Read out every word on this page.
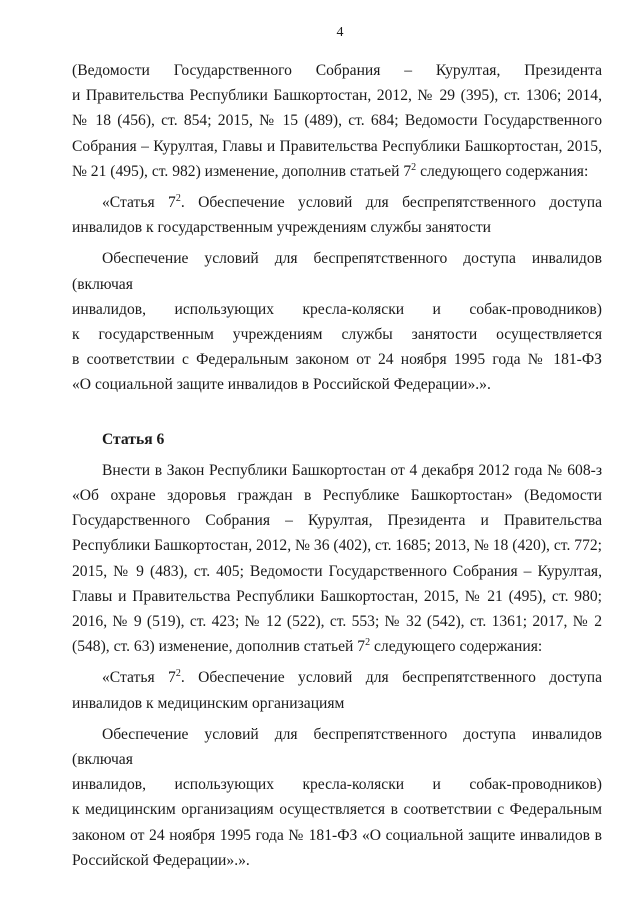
4

(Ведомости Государственного Собрания – Курултая, Президента

и Правительства Республики Башкортостан, 2012, № 29 (395), ст. 1306; 2014,

№ 18 (456), ст. 854; 2015, № 15 (489), ст. 684; Ведомости Государственного

Собрания – Курултая, Главы и Правительства Республики Башкортостан, 2015,

№ 21 (495), ст. 982) изменение, дополнив статьей $7^2$ следующего содержания:

«Статья $7^2$. Обеспечение условий для беспрепятственного доступа

инвалидов к государственным учреждениям службы занятости

Обеспечение условий для беспрепятственного доступа инвалидов (включая

инвалидов, использующих кресла-коляски и собак-проводников)

к государственным учреждениям службы занятости осуществляется

в соответствии с Федеральным законом от 24 ноября 1995 года № 181-ФЗ

«О социальной защите инвалидов в Российской Федерации».».

Статья 6

Внести в Закон Республики Башкортостан от 4 декабря 2012 года № 608-з

«Об охране здоровья граждан в Республике Башкортостан» (Ведомости

Государственного Собрания – Курултая, Президента и Правительства

Республики Башкортостан, 2012, № 36 (402), ст. 1685; 2013, № 18 (420), ст. 772;

2015, № 9 (483), ст. 405; Ведомости Государственного Собрания – Курултая,

Главы и Правительства Республики Башкортостан, 2015, № 21 (495), ст. 980;

2016, № 9 (519), ст. 423; № 12 (522), ст. 553; № 32 (542), ст. 1361; 2017, № 2

(548), ст. 63) изменение, дополнив статьей $7^2$ следующего содержания:

«Статья $7^2$. Обеспечение условий для беспрепятственного доступа

инвалидов к медицинским организациям

Обеспечение условий для беспрепятственного доступа инвалидов (включая

инвалидов, использующих кресла-коляски и собак-проводников)

к медицинским организациям осуществляется в соответствии с Федеральным

законом от 24 ноября 1995 года № 181-ФЗ «О социальной защите инвалидов в

Российской Федерации».».
